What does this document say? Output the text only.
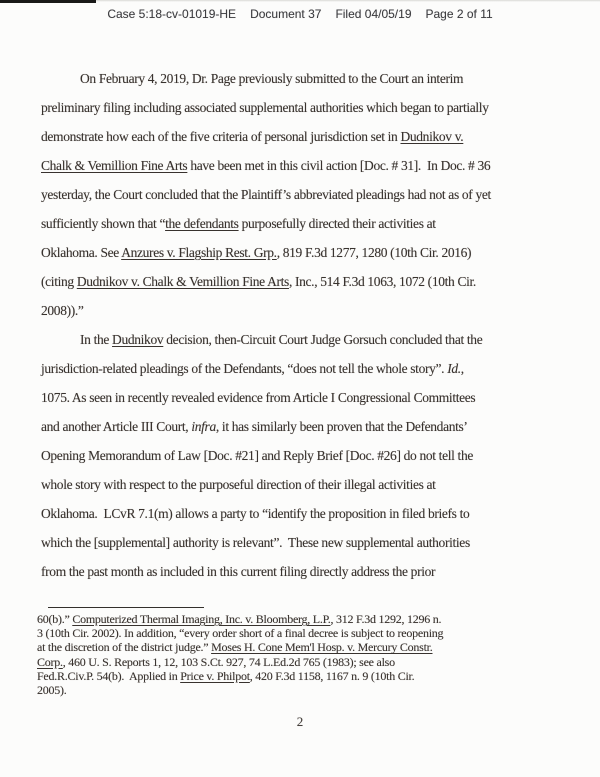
Case 5:18-cv-01019-HE Document 37 Filed 04/05/19 Page 2 of 11
On February 4, 2019, Dr. Page previously submitted to the Court an interim
preliminary filing including associated supplemental authorities which began to partially
demonstrate how each of the five criteria of personal jurisdiction set in Dudnikov v.
Chalk & Vemillion Fine Arts have been met in this civil action [Doc. # 31].  In Doc. # 36
yesterday, the Court concluded that the Plaintiff’s abbreviated pleadings had not as of yet
sufficiently shown that “the defendants purposefully directed their activities at
Oklahoma. See Anzures v. Flagship Rest. Grp., 819 F.3d 1277, 1280 (10th Cir. 2016)
(citing Dudnikov v. Chalk & Vemillion Fine Arts, Inc., 514 F.3d 1063, 1072 (10th Cir.
2008)).”
In the Dudnikov decision, then-Circuit Court Judge Gorsuch concluded that the
jurisdiction-related pleadings of the Defendants, “does not tell the whole story”. Id.,
1075. As seen in recently revealed evidence from Article I Congressional Committees
and another Article III Court, infra, it has similarly been proven that the Defendants’
Opening Memorandum of Law [Doc. #21] and Reply Brief [Doc. #26] do not tell the
whole story with respect to the purposeful direction of their illegal activities at
Oklahoma.  LCvR 7.1(m) allows a party to “identify the proposition in filed briefs to
which the [supplemental] authority is relevant”.  These new supplemental authorities
from the past month as included in this current filing directly address the prior
60(b).” Computerized Thermal Imaging, Inc. v. Bloomberg, L.P., 312 F.3d 1292, 1296 n.
3 (10th Cir. 2002). In addition, “every order short of a final decree is subject to reopening
at the discretion of the district judge.” Moses H. Cone Mem'l Hosp. v. Mercury Constr.
Corp., 460 U. S. Reports 1, 12, 103 S.Ct. 927, 74 L.Ed.2d 765 (1983); see also
Fed.R.Civ.P. 54(b).  Applied in Price v. Philpot, 420 F.3d 1158, 1167 n. 9 (10th Cir.
2005).
2
